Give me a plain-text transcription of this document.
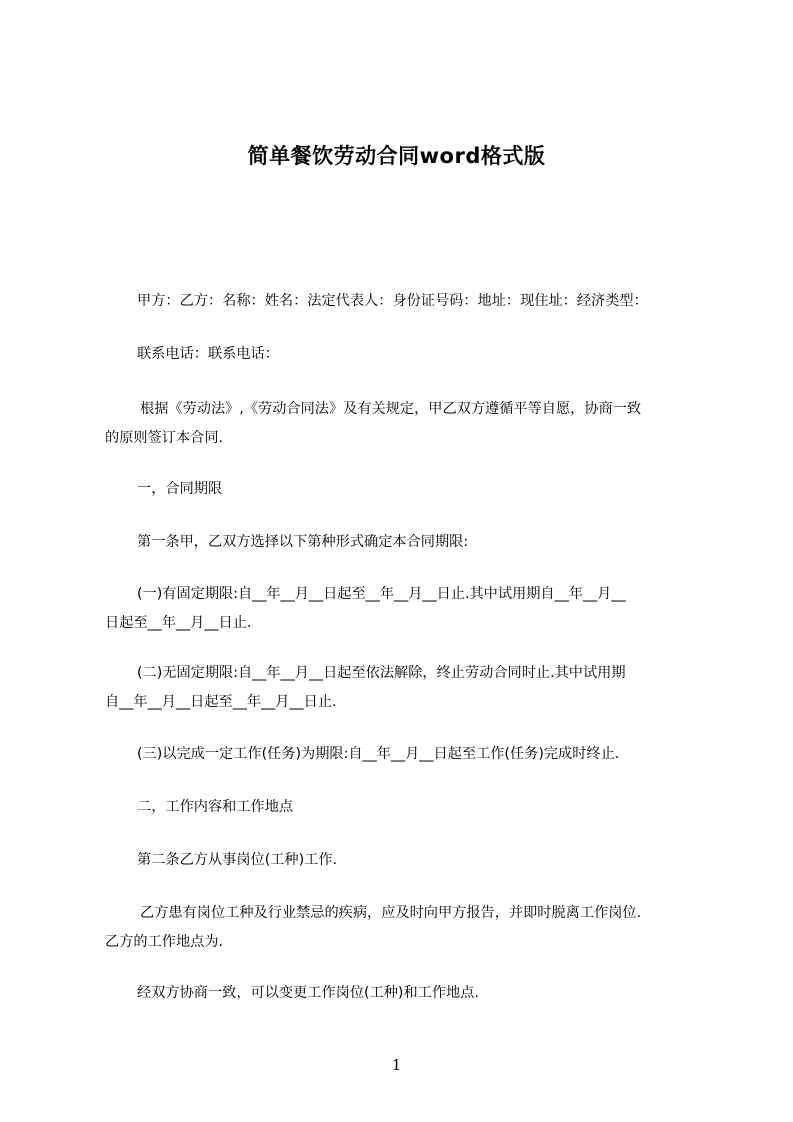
简单餐饮劳动合同word格式版
甲方：乙方：名称：姓名：法定代表人：身份证号码：地址：现住址：经济类型：
联系电话：联系电话：
根据《劳动法》,《劳动合同法》及有关规定，甲乙双方遵循平等自愿，协商一致
的原则签订本合同.
一，合同期限
第一条甲，乙双方选择以下第种形式确定本合同期限:
(一)有固定期限:自__年__月__日起至__年__月__日止.其中试用期自__年__月__
日起至__年__月__日止.
(二)无固定期限:自__年__月__日起至依法解除，终止劳动合同时止.其中试用期
自__年__月__日起至__年__月__日止.
(三)以完成一定工作(任务)为期限:自__年__月__日起至工作(任务)完成时终止.
二，工作内容和工作地点
第二条乙方从事岗位(工种)工作.
乙方患有岗位工种及行业禁忌的疾病，应及时向甲方报告，并即时脱离工作岗位.
乙方的工作地点为.
经双方协商一致，可以变更工作岗位(工种)和工作地点.
1
